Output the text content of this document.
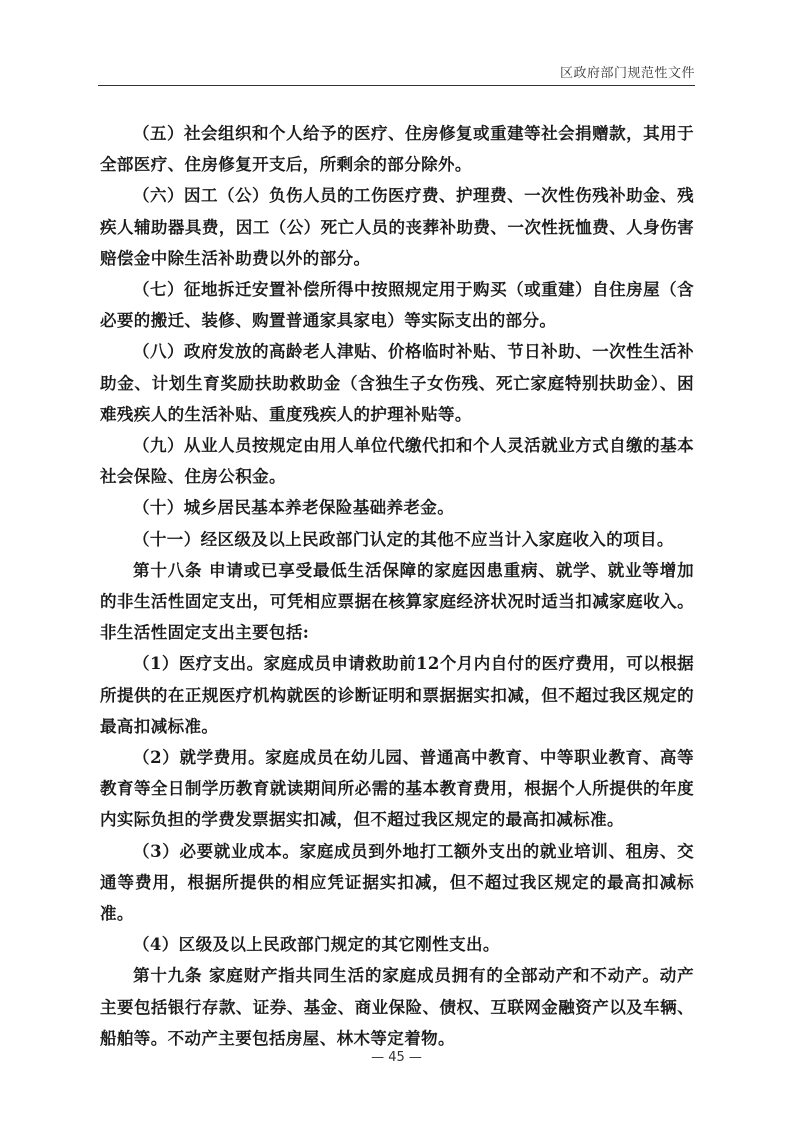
区政府部门规范性文件

（五）社会组织和个人给予的医疗、住房修复或重建等社会捐赠款，其用于全部医疗、住房修复开支后，所剩余的部分除外。

（六）因工（公）负伤人员的工伤医疗费、护理费、一次性伤残补助金、残疾人辅助器具费，因工（公）死亡人员的丧葬补助费、一次性抚恤费、人身伤害赔偿金中除生活补助费以外的部分。

（七）征地拆迁安置补偿所得中按照规定用于购买（或重建）自住房屋（含必要的搬迁、装修、购置普通家具家电）等实际支出的部分。

（八）政府发放的高龄老人津贴、价格临时补贴、节日补助、一次性生活补助金、计划生育奖励扶助救助金（含独生子女伤残、死亡家庭特别扶助金）、困难残疾人的生活补贴、重度残疾人的护理补贴等。

（九）从业人员按规定由用人单位代缴代扣和个人灵活就业方式自缴的基本社会保险、住房公积金。

（十）城乡居民基本养老保险基础养老金。

（十一）经区级及以上民政部门认定的其他不应当计入家庭收入的项目。

第十八条 申请或已享受最低生活保障的家庭因患重病、就学、就业等增加的非生活性固定支出，可凭相应票据在核算家庭经济状况时适当扣减家庭收入。非生活性固定支出主要包括:

（1）医疗支出。家庭成员申请救助前12个月内自付的医疗费用，可以根据所提供的在正规医疗机构就医的诊断证明和票据据实扣减，但不超过我区规定的最高扣减标准。

（2）就学费用。家庭成员在幼儿园、普通高中教育、中等职业教育、高等教育等全日制学历教育就读期间所必需的基本教育费用，根据个人所提供的年度内实际负担的学费发票据实扣减，但不超过我区规定的最高扣减标准。

（3）必要就业成本。家庭成员到外地打工额外支出的就业培训、租房、交通等费用，根据所提供的相应凭证据实扣减，但不超过我区规定的最高扣减标准。

（4）区级及以上民政部门规定的其它刚性支出。

第十九条 家庭财产指共同生活的家庭成员拥有的全部动产和不动产。动产主要包括银行存款、证券、基金、商业保险、债权、互联网金融资产以及车辆、船舶等。不动产主要包括房屋、林木等定着物。

— 45 —
